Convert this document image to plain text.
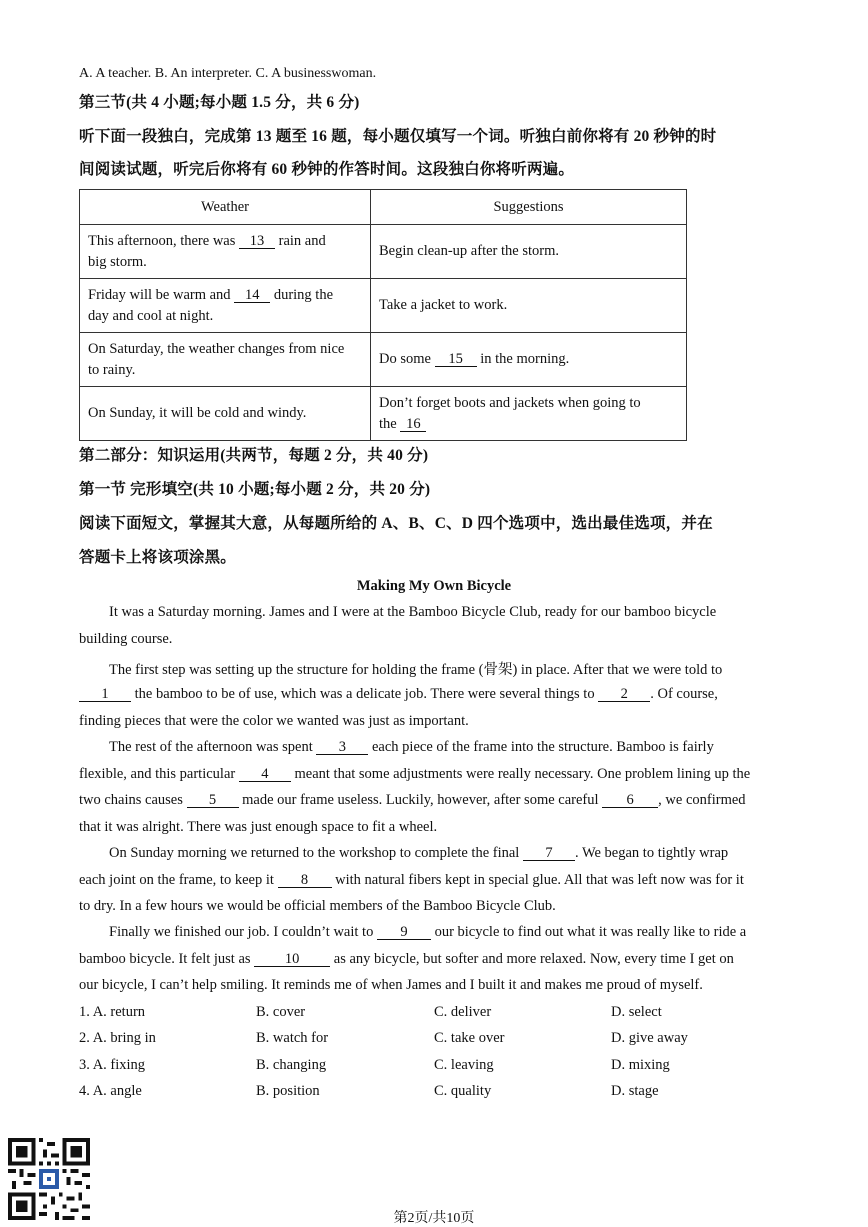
A. A teacher. B. An interpreter. C. A businesswoman.
第三节(共 4 小题;每小题 1.5 分，共 6 分)
听下面一段独白，完成第 13 题至 16 题，每小题仅填写一个词。听独白前你将有 20 秒钟的时
间阅读试题，听完后你将有 60 秒钟的作答时间。这段独白你将听两遍。
Weather	Suggestions
This afternoon, there was 13 rain and
big storm.	Begin clean-up after the storm.
Friday will be warm and 14 during the
day and cool at night.	Take a jacket to work.
On Saturday, the weather changes from nice
to rainy.	Do some 15 in the morning.
On Sunday, it will be cold and windy.	Don’t forget boots and jackets when going to
the 16
第二部分：知识运用(共两节，每题 2 分，共 40 分)
第一节 完形填空(共 10 小题;每小题 2 分，共 20 分)
阅读下面短文，掌握其大意，从每题所给的 A、B、C、D 四个选项中，选出最佳选项，并在
答题卡上将该项涂黑。
Making My Own Bicycle
It was a Saturday morning. James and I were at the Bamboo Bicycle Club, ready for our bamboo bicycle
building course.
The first step was setting up the structure for holding the frame (骨架) in place. After that we were told to
1 the bamboo to be of use, which was a delicate job. There were several things to 2 . Of course,
finding pieces that were the color we wanted was just as important.
The rest of the afternoon was spent 3 each piece of the frame into the structure. Bamboo is fairly
flexible, and this particular 4 meant that some adjustments were really necessary. One problem lining up the
two chains causes 5 made our frame useless. Luckily, however, after some careful 6 , we confirmed
that it was alright. There was just enough space to fit a wheel.
On Sunday morning we returned to the workshop to complete the final 7 . We began to tightly wrap
each joint on the frame, to keep it 8 with natural fibers kept in special glue. All that was left now was for it
to dry. In a few hours we would be official members of the Bamboo Bicycle Club.
Finally we finished our job. I couldn’t wait to 9 our bicycle to find out what it was really like to ride a
bamboo bicycle. It felt just as 10 as any bicycle, but softer and more relaxed. Now, every time I get on
our bicycle, I can’t help smiling. It reminds me of when James and I built it and makes me proud of myself.
1. A. return	B. cover	C. deliver	D. select
2. A. bring in	B. watch for	C. take over	D. give away
3. A. fixing	B. changing	C. leaving	D. mixing
4. A. angle	B. position	C. quality	D. stage
第2页/共10页
